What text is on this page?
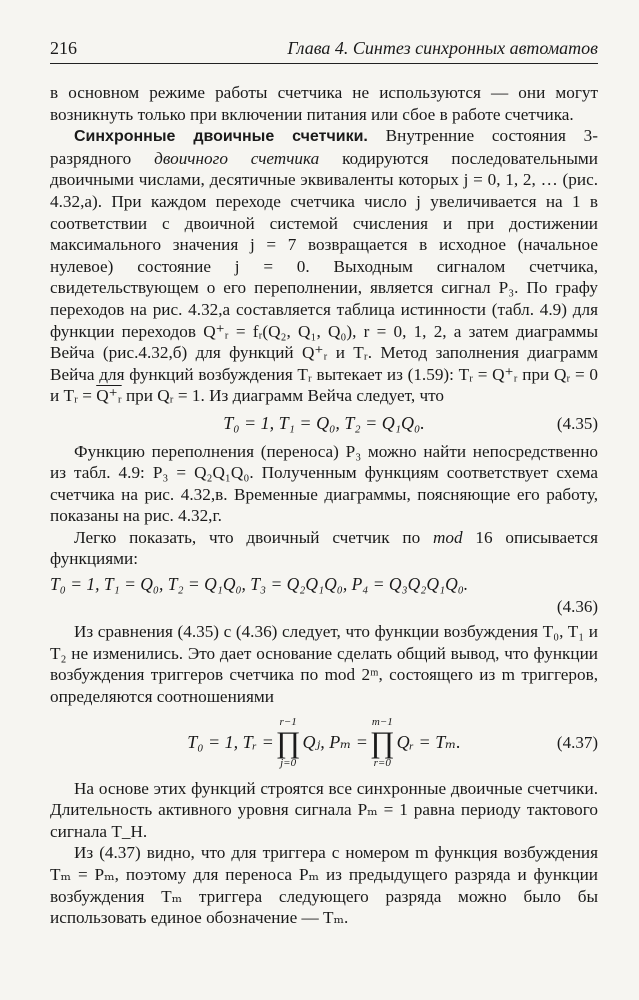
216	Глава 4. Синтез синхронных автоматов

в основном режиме работы счетчика не используются — они могут возникнуть только при включении питания или сбое в работе счетчика.

Синхронные двоичные счетчики. Внутренние состояния 3-разрядного двоичного счетчика кодируются последовательными двоичными числами, десятичные эквиваленты которых j = 0, 1, 2, … (рис. 4.32,а). При каждом переходе счетчика число j увеличивается на 1 в соответствии с двоичной системой счисления и при достижении максимального значения j = 7 возвращается в исходное (начальное нулевое) состояние j = 0. Выходным сигналом счетчика, свидетельствующем о его переполнении, является сигнал P₃. По графу переходов на рис. 4.32,а составляется таблица истинности (табл. 4.9) для функции переходов Q⁺ᵣ = fᵣ(Q₂, Q₁, Q₀), r = 0, 1, 2, а затем диаграммы Вейча (рис.4.32,б) для функций Q⁺ᵣ и Tᵣ. Метод заполнения диаграмм Вейча для функций возбуждения Tᵣ вытекает из (1.59): Tᵣ = Q⁺ᵣ при Qᵣ = 0 и Tᵣ = Q⁺ᵣ при Qᵣ = 1. Из диаграмм Вейча следует, что

T₀ = 1, T₁ = Q₀, T₂ = Q₁Q₀.	(4.35)

Функцию переполнения (переноса) P₃ можно найти непосредственно из табл. 4.9: P₃ = Q₂Q₁Q₀. Полученным функциям соответствует схема счетчика на рис. 4.32,в. Временные диаграммы, поясняющие его работу, показаны на рис. 4.32,г.

Легко показать, что двоичный счетчик по mod 16 описывается функциями:

T₀ = 1, T₁ = Q₀, T₂ = Q₁Q₀, T₃ = Q₂Q₁Q₀, P₄ = Q₃Q₂Q₁Q₀.
(4.36)

Из сравнения (4.35) с (4.36) следует, что функции возбуждения T₀, T₁ и T₂ не изменились. Это дает основание сделать общий вывод, что функции возбуждения триггеров счетчика по mod 2ᵐ, состоящего из m триггеров, определяются соотношениями

T₀ = 1, Tᵣ =
r−1
∏
j=0
Qⱼ,
Pₘ =
m−1
∏
r=0
Qᵣ = Tₘ.	(4.37)

На основе этих функций строятся все синхронные двоичные счетчики. Длительность активного уровня сигнала Pₘ = 1 равна периоду тактового сигнала T_H.

Из (4.37) видно, что для триггера с номером m функция возбуждения Tₘ = Pₘ, поэтому для переноса Pₘ из предыдущего разряда и функции возбуждения Tₘ триггера следующего разряда можно было бы использовать единое обозначение — Tₘ.
